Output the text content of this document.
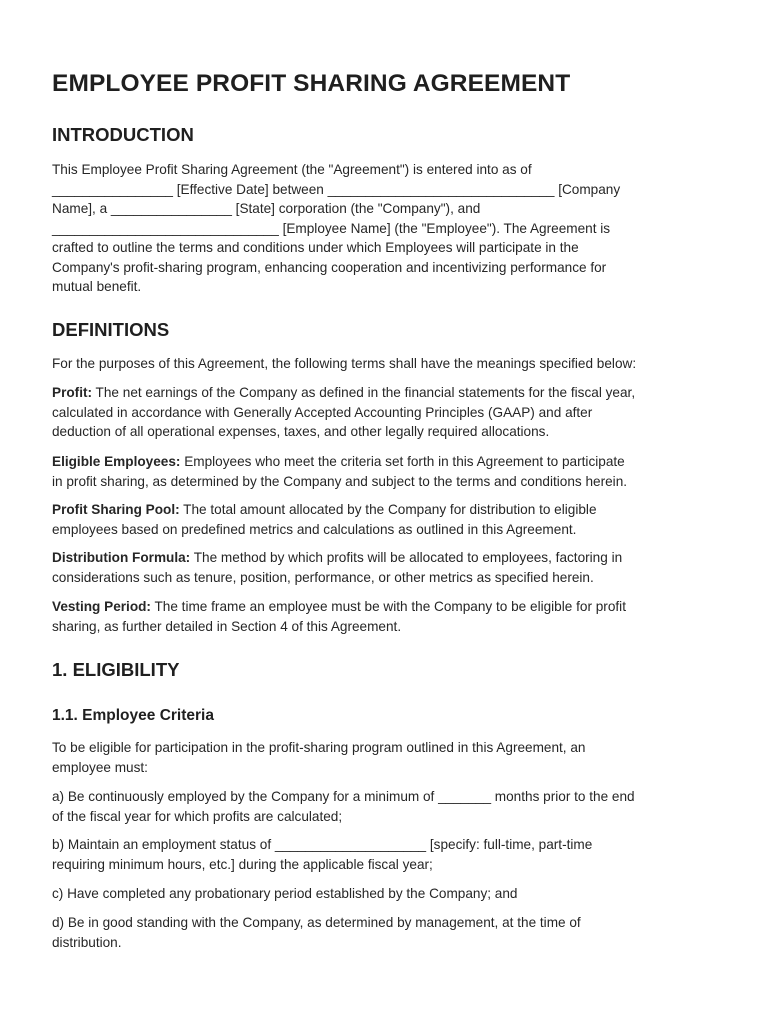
EMPLOYEE PROFIT SHARING AGREEMENT
INTRODUCTION
This Employee Profit Sharing Agreement (the "Agreement") is entered into as of
________________ [Effective Date] between ______________________________ [Company
Name], a ________________ [State] corporation (the "Company"), and
______________________________ [Employee Name] (the "Employee"). The Agreement is
crafted to outline the terms and conditions under which Employees will participate in the
Company's profit-sharing program, enhancing cooperation and incentivizing performance for
mutual benefit.
DEFINITIONS
For the purposes of this Agreement, the following terms shall have the meanings specified below:
Profit: The net earnings of the Company as defined in the financial statements for the fiscal year,
calculated in accordance with Generally Accepted Accounting Principles (GAAP) and after
deduction of all operational expenses, taxes, and other legally required allocations.
Eligible Employees: Employees who meet the criteria set forth in this Agreement to participate
in profit sharing, as determined by the Company and subject to the terms and conditions herein.
Profit Sharing Pool: The total amount allocated by the Company for distribution to eligible
employees based on predefined metrics and calculations as outlined in this Agreement.
Distribution Formula: The method by which profits will be allocated to employees, factoring in
considerations such as tenure, position, performance, or other metrics as specified herein.
Vesting Period: The time frame an employee must be with the Company to be eligible for profit
sharing, as further detailed in Section 4 of this Agreement.
1. ELIGIBILITY
1.1. Employee Criteria
To be eligible for participation in the profit-sharing program outlined in this Agreement, an
employee must:
a) Be continuously employed by the Company for a minimum of _______ months prior to the end
of the fiscal year for which profits are calculated;
b) Maintain an employment status of ____________________ [specify: full-time, part-time
requiring minimum hours, etc.] during the applicable fiscal year;
c) Have completed any probationary period established by the Company; and
d) Be in good standing with the Company, as determined by management, at the time of
distribution.
